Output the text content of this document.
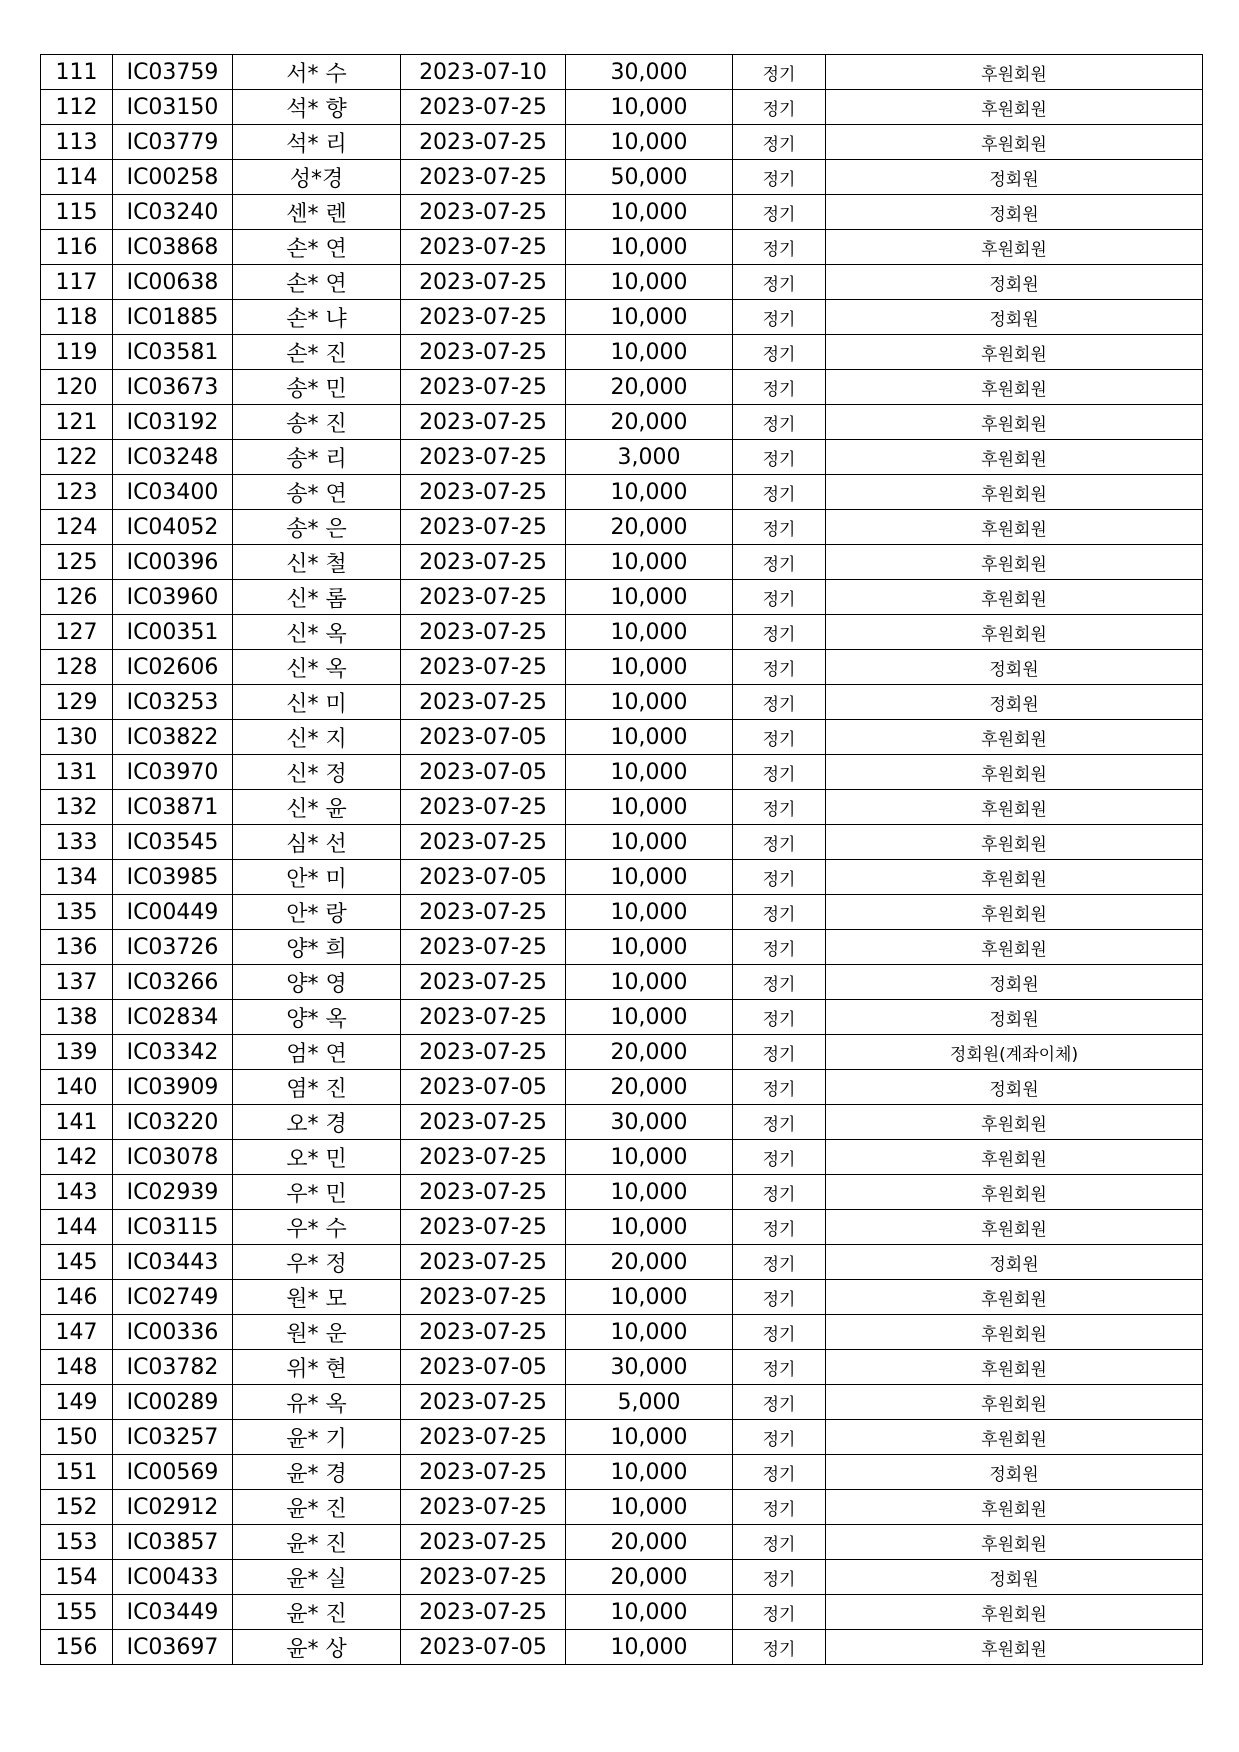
111	IC03759	서* 수	2023-07-10	30,000	정기	후원회원
112	IC03150	석* 향	2023-07-25	10,000	정기	후원회원
113	IC03779	석* 리	2023-07-25	10,000	정기	후원회원
114	IC00258	성*경	2023-07-25	50,000	정기	정회원
115	IC03240	센* 렌	2023-07-25	10,000	정기	정회원
116	IC03868	손* 연	2023-07-25	10,000	정기	후원회원
117	IC00638	손* 연	2023-07-25	10,000	정기	정회원
118	IC01885	손* 냐	2023-07-25	10,000	정기	정회원
119	IC03581	손* 진	2023-07-25	10,000	정기	후원회원
120	IC03673	송* 민	2023-07-25	20,000	정기	후원회원
121	IC03192	송* 진	2023-07-25	20,000	정기	후원회원
122	IC03248	송* 리	2023-07-25	3,000	정기	후원회원
123	IC03400	송* 연	2023-07-25	10,000	정기	후원회원
124	IC04052	송* 은	2023-07-25	20,000	정기	후원회원
125	IC00396	신* 철	2023-07-25	10,000	정기	후원회원
126	IC03960	신* 롬	2023-07-25	10,000	정기	후원회원
127	IC00351	신* 옥	2023-07-25	10,000	정기	후원회원
128	IC02606	신* 옥	2023-07-25	10,000	정기	정회원
129	IC03253	신* 미	2023-07-25	10,000	정기	정회원
130	IC03822	신* 지	2023-07-05	10,000	정기	후원회원
131	IC03970	신* 정	2023-07-05	10,000	정기	후원회원
132	IC03871	신* 윤	2023-07-25	10,000	정기	후원회원
133	IC03545	심* 선	2023-07-25	10,000	정기	후원회원
134	IC03985	안* 미	2023-07-05	10,000	정기	후원회원
135	IC00449	안* 랑	2023-07-25	10,000	정기	후원회원
136	IC03726	양* 희	2023-07-25	10,000	정기	후원회원
137	IC03266	양* 영	2023-07-25	10,000	정기	정회원
138	IC02834	양* 옥	2023-07-25	10,000	정기	정회원
139	IC03342	엄* 연	2023-07-25	20,000	정기	정회원(계좌이체)
140	IC03909	염* 진	2023-07-05	20,000	정기	정회원
141	IC03220	오* 경	2023-07-25	30,000	정기	후원회원
142	IC03078	오* 민	2023-07-25	10,000	정기	후원회원
143	IC02939	우* 민	2023-07-25	10,000	정기	후원회원
144	IC03115	우* 수	2023-07-25	10,000	정기	후원회원
145	IC03443	우* 정	2023-07-25	20,000	정기	정회원
146	IC02749	원* 모	2023-07-25	10,000	정기	후원회원
147	IC00336	원* 운	2023-07-25	10,000	정기	후원회원
148	IC03782	위* 현	2023-07-05	30,000	정기	후원회원
149	IC00289	유* 옥	2023-07-25	5,000	정기	후원회원
150	IC03257	윤* 기	2023-07-25	10,000	정기	후원회원
151	IC00569	윤* 경	2023-07-25	10,000	정기	정회원
152	IC02912	윤* 진	2023-07-25	10,000	정기	후원회원
153	IC03857	윤* 진	2023-07-25	20,000	정기	후원회원
154	IC00433	윤* 실	2023-07-25	20,000	정기	정회원
155	IC03449	윤* 진	2023-07-25	10,000	정기	후원회원
156	IC03697	윤* 상	2023-07-05	10,000	정기	후원회원
